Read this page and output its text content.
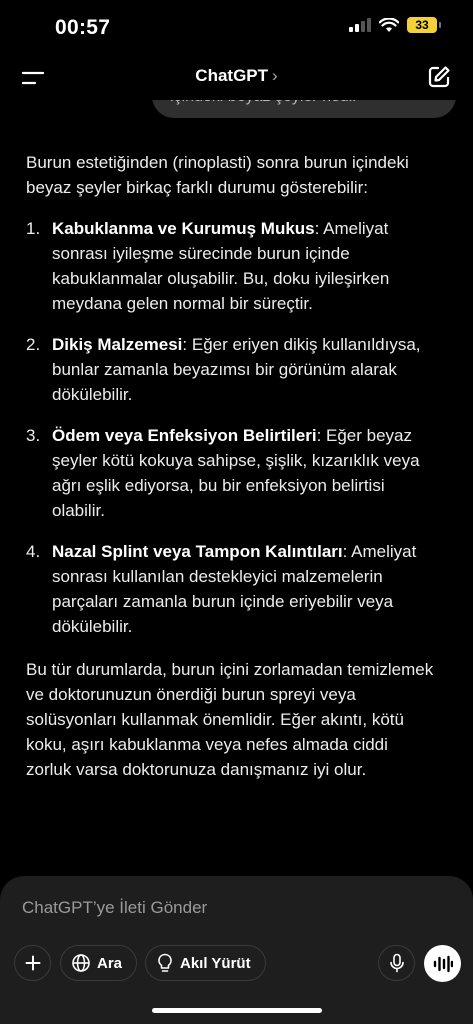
00:57	33
ChatGPT ›

Burun estetiğinden (rinoplasti) sonra burun içindeki beyaz şeyler birkaç farklı durumu gösterebilir:

1. Kabuklanma ve Kurumuş Mukus: Ameliyat sonrası iyileşme sürecinde burun içinde kabuklanmalar oluşabilir. Bu, doku iyileşirken meydana gelen normal bir süreçtir.
2. Dikiş Malzemesi: Eğer eriyen dikiş kullanıldıysa, bunlar zamanla beyazımsı bir görünüm alarak dökülebilir.
3. Ödem veya Enfeksiyon Belirtileri: Eğer beyaz şeyler kötü kokuya sahipse, şişlik, kızarıklık veya ağrı eşlik ediyorsa, bu bir enfeksiyon belirtisi olabilir.
4. Nazal Splint veya Tampon Kalıntıları: Ameliyat sonrası kullanılan destekleyici malzemelerin parçaları zamanla burun içinde eriyebilir veya dökülebilir.

Bu tür durumlarda, burun içini zorlamadan temizlemek ve doktorunuzun önerdiği burun spreyi veya solüsyonları kullanmak önemlidir. Eğer akıntı, kötü koku, aşırı kabuklanma veya nefes almada ciddi zorluk varsa doktorunuza danışmanız iyi olur.

ChatGPT’ye İleti Gönder
Ara	Akıl Yürüt
